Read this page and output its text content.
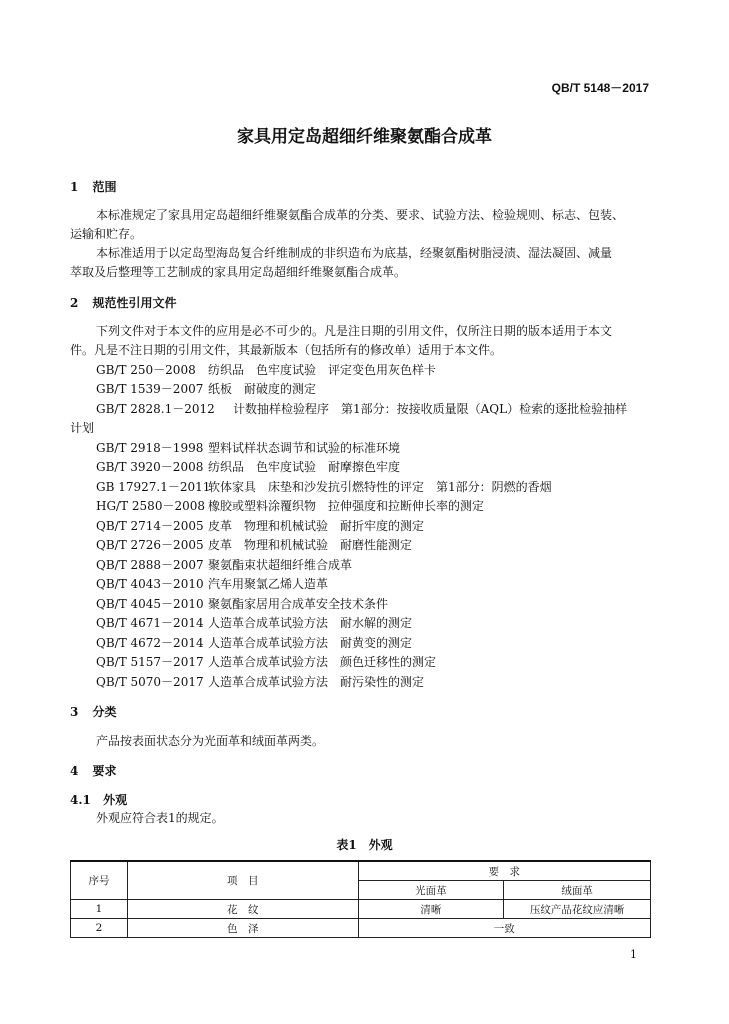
QB/T 5148－2017
家具用定岛超细纤维聚氨酯合成革
1 范围
本标准规定了家具用定岛超细纤维聚氨酯合成革的分类、要求、试验方法、检验规则、标志、包装、
运输和贮存。
本标准适用于以定岛型海岛复合纤维制成的非织造布为底基，经聚氨酯树脂浸渍、湿法凝固、减量
萃取及后整理等工艺制成的家具用定岛超细纤维聚氨酯合成革。
2 规范性引用文件
下列文件对于本文件的应用是必不可少的。凡是注日期的引用文件，仅所注日期的版本适用于本文
件。凡是不注日期的引用文件，其最新版本（包括所有的修改单）适用于本文件。
GB/T 250－2008 纺织品　色牢度试验　评定变色用灰色样卡
GB/T 1539－2007 纸板　耐破度的测定
GB/T 2828.1－2012 计数抽样检验程序　第1部分：按接收质量限（AQL）检索的逐批检验抽样
计划
GB/T 2918－1998 塑料试样状态调节和试验的标准环境
GB/T 3920－2008 纺织品　色牢度试验　耐摩擦色牢度
GB 17927.1－2011软体家具　床垫和沙发抗引燃特性的评定　第1部分：阴燃的香烟
HG/T 2580－2008 橡胶或塑料涂覆织物　拉伸强度和拉断伸长率的测定
QB/T 2714－2005 皮革　物理和机械试验　耐折牢度的测定
QB/T 2726－2005 皮革　物理和机械试验　耐磨性能测定
QB/T 2888－2007 聚氨酯束状超细纤维合成革
QB/T 4043－2010 汽车用聚氯乙烯人造革
QB/T 4045－2010 聚氨酯家居用合成革安全技术条件
QB/T 4671－2014 人造革合成革试验方法　耐水解的测定
QB/T 4672－2014 人造革合成革试验方法　耐黄变的测定
QB/T 5157－2017 人造革合成革试验方法　颜色迁移性的测定
QB/T 5070－2017 人造革合成革试验方法　耐污染性的测定
3 分类
产品按表面状态分为光面革和绒面革两类。
4 要求
4.1 外观
外观应符合表1的规定。
表1　外观
序号	项　目	要　求	
		光面革	绒面革
1	花　纹	清晰	压纹产品花纹应清晰
2	色　泽	一致	
1
